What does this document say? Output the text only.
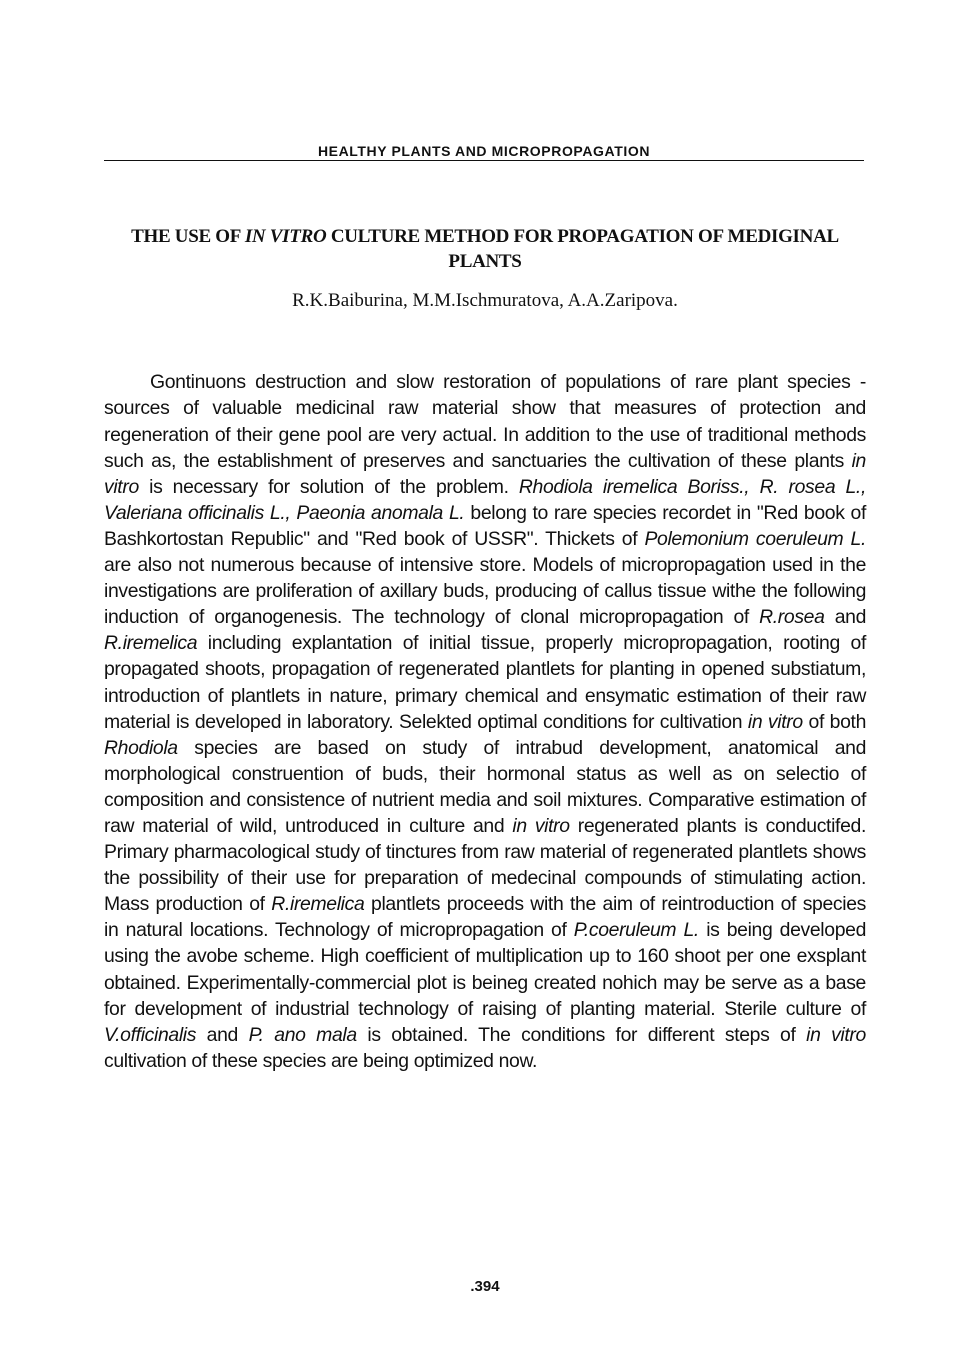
HEALTHY PLANTS AND MICROPROPAGATION
THE USE OF IN VITRO CULTURE METHOD FOR PROPAGATION OF MEDIGINAL PLANTS
R.K.Baiburina, M.M.Ischmuratova, A.A.Zaripova.

Gontinuons destruction and slow restoration of populations of rare plant species - sources of valuable medicinal raw material show that measures of protection and regeneration of their gene pool are very actual. In addition to the use of traditional methods such as, the establishment of preserves and sanctuaries the cultivation of these plants in vitro is necessary for solution of the problem. Rhodiola iremelica Boriss., R. rosea L., Valeriana officinalis L., Paeonia anomala L. belong to rare species recordet in "Red book of Bashkortostan Republic" and "Red book of USSR". Thickets of Polemonium coeruleum L. are also not numerous because of intensive store. Models of micropropagation used in the investigations are proliferation of axillary buds, producing of callus tissue withe the following induction of organogenesis. The technology of clonal micropropagation of R.rosea and R.iremelica including explantation of initial tissue, properly micropropagation, rooting of propagated shoots, propagation of regenerated plantlets for planting in opened substiatum, introduction of plantlets in nature, primary chemical and ensymatic estimation of their raw material is developed in laboratory. Selekted optimal conditions for cultivation in vitro of both Rhodiola species are based on study of intrabud development, anatomical and morphological construention of buds, their hormonal status as well as on selectio of composition and consistence of nutrient media and soil mixtures. Comparative estimation of raw material of wild, untroduced in culture and in vitro regenerated plants is conductifed. Primary pharmacological study of tinctures from raw material of regenerated plantlets shows the possibility of their use for preparation of medecinal compounds of stimulating action. Mass production of R.iremelica plantlets proceeds with the aim of reintroduction of species in natural locations. Technology of micropropagation of P.coeruleum L. is being developed using the avobe scheme. High coefficient of multiplication up to 160 shoot per one exsplant obtained. Experimentally-commercial plot is beineg created nohich may be serve as a base for development of industrial technology of raising of planting material. Sterile culture of V.officinalis and P. ano mala is obtained. The conditions for different steps of in vitro cultivation of these species are being optimized now.

.394
